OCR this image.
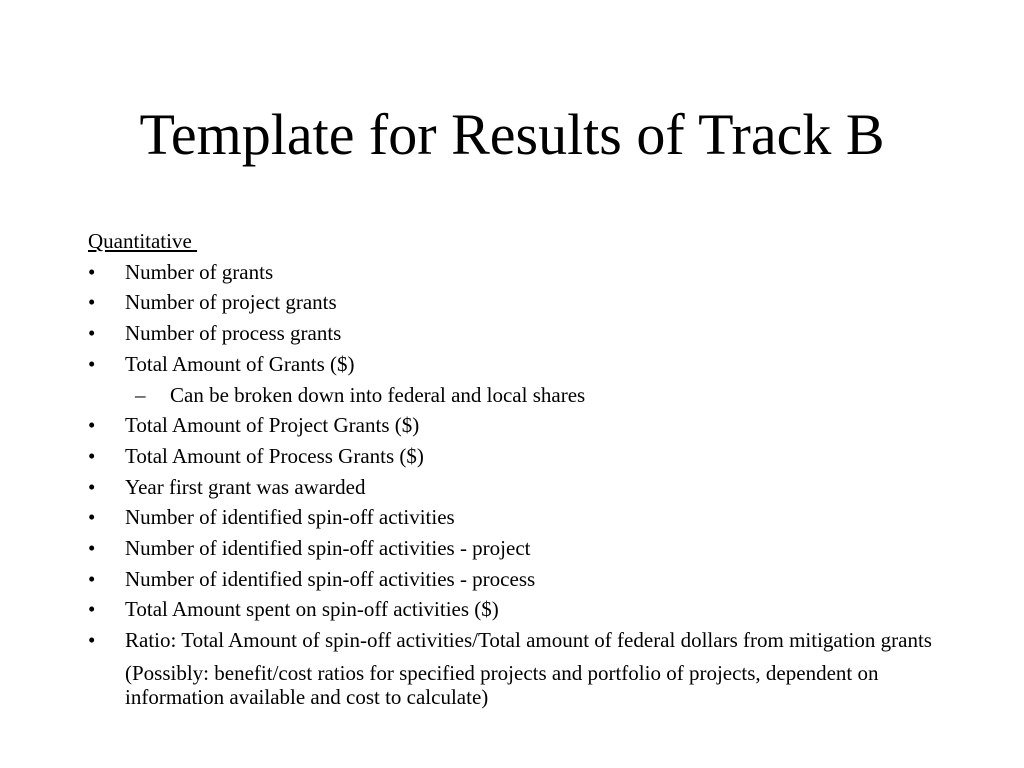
Template for Results of Track B

Quantitative

• Number of grants
• Number of project grants
• Number of process grants
• Total Amount of Grants ($)
– Can be broken down into federal and local shares
• Total Amount of Project Grants ($)
• Total Amount of Process Grants ($)
• Year first grant was awarded
• Number of identified spin-off activities
• Number of identified spin-off activities - project
• Number of identified spin-off activities - process
• Total Amount spent on spin-off activities ($)
• Ratio: Total Amount of spin-off activities/Total amount of federal dollars from mitigation grants

(Possibly: benefit/cost ratios for specified projects and portfolio of projects, dependent on information available and cost to calculate)
